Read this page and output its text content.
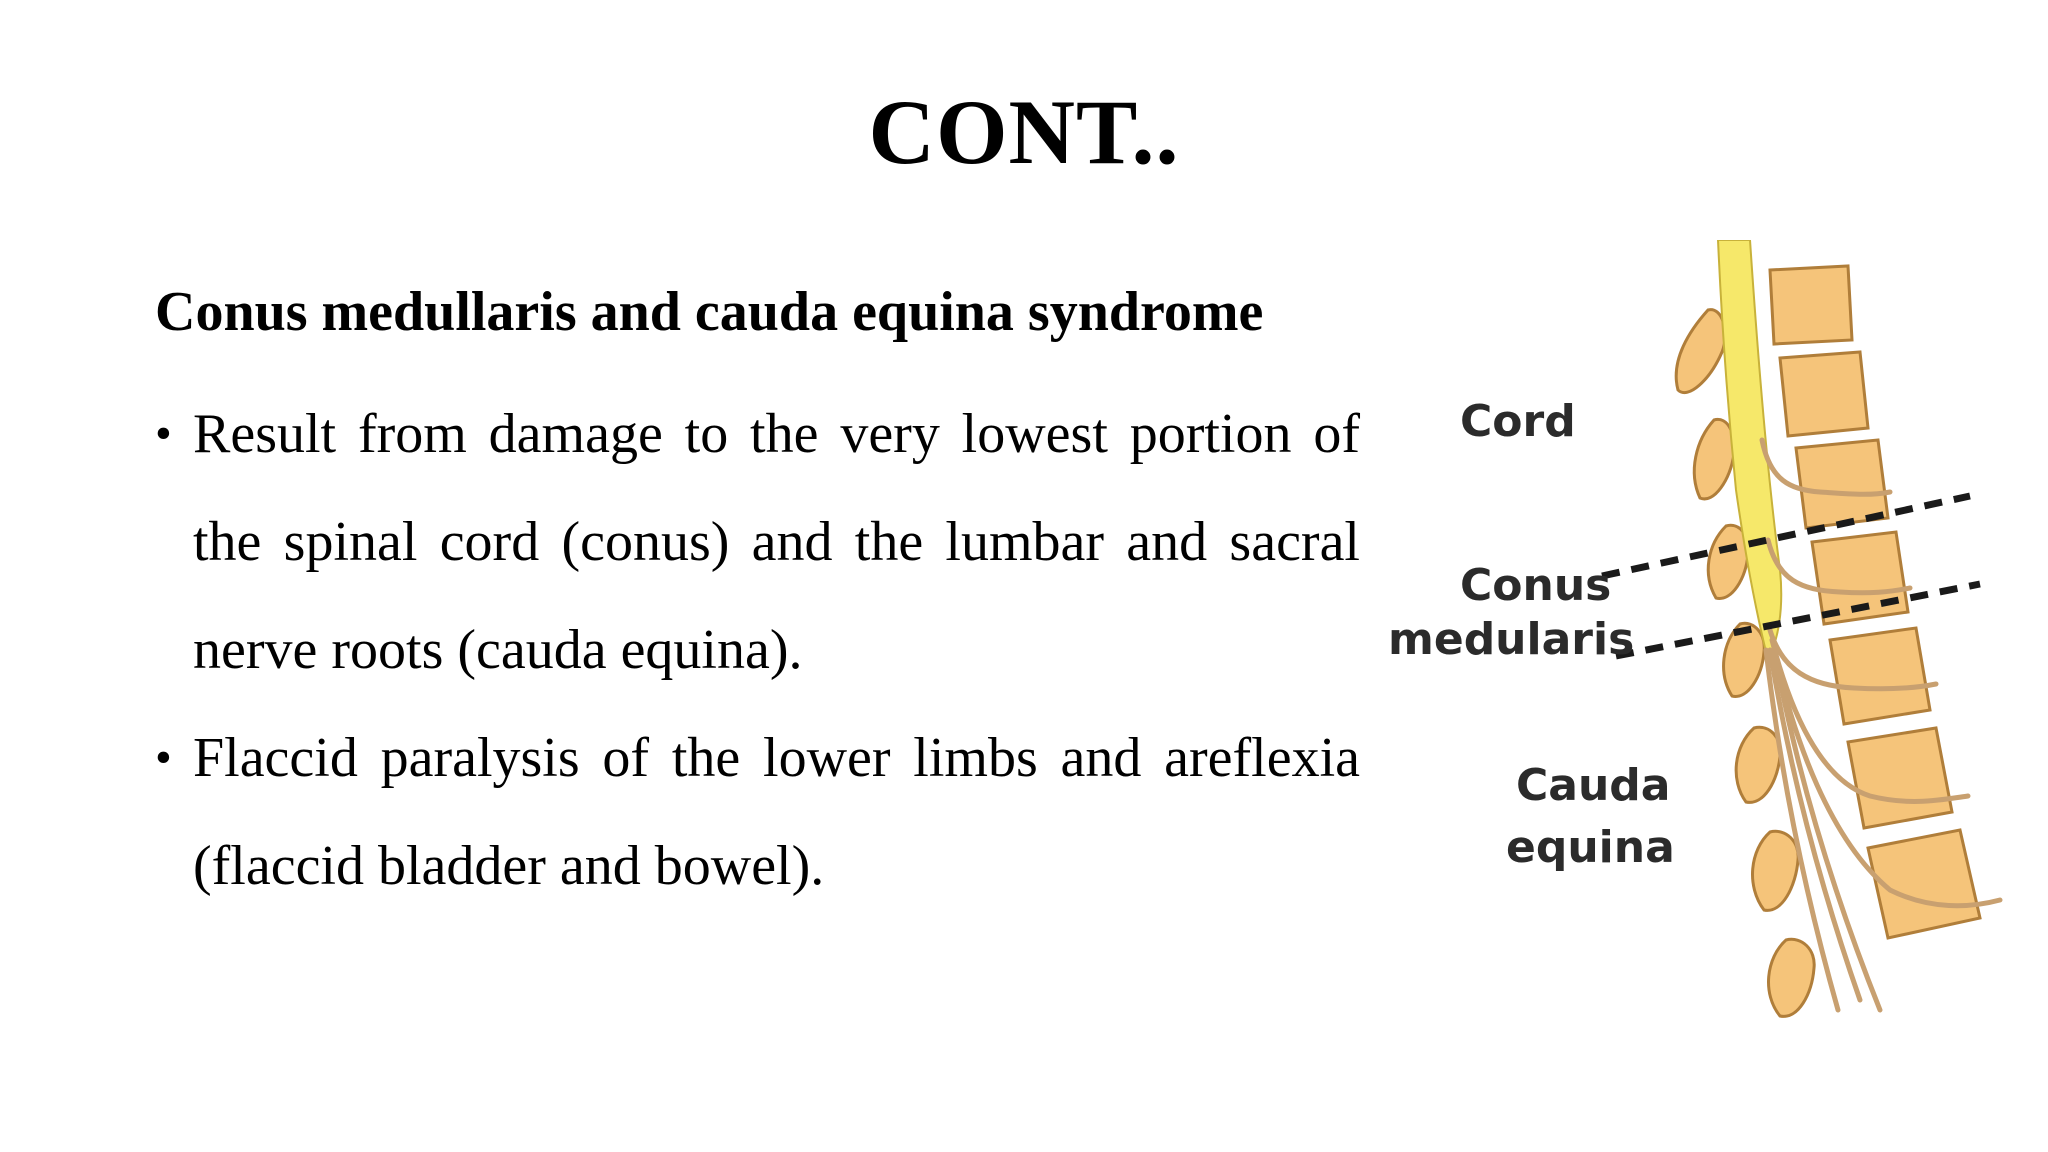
CONT..
Conus medullaris and cauda equina syndrome
• Result from damage to the very lowest portion of the spinal cord (conus) and the lumbar and sacral nerve roots (cauda equina).
• Flaccid paralysis of the lower limbs and areflexia (flaccid bladder and bowel).
Cord
Conus
medularis
Cauda
equina
